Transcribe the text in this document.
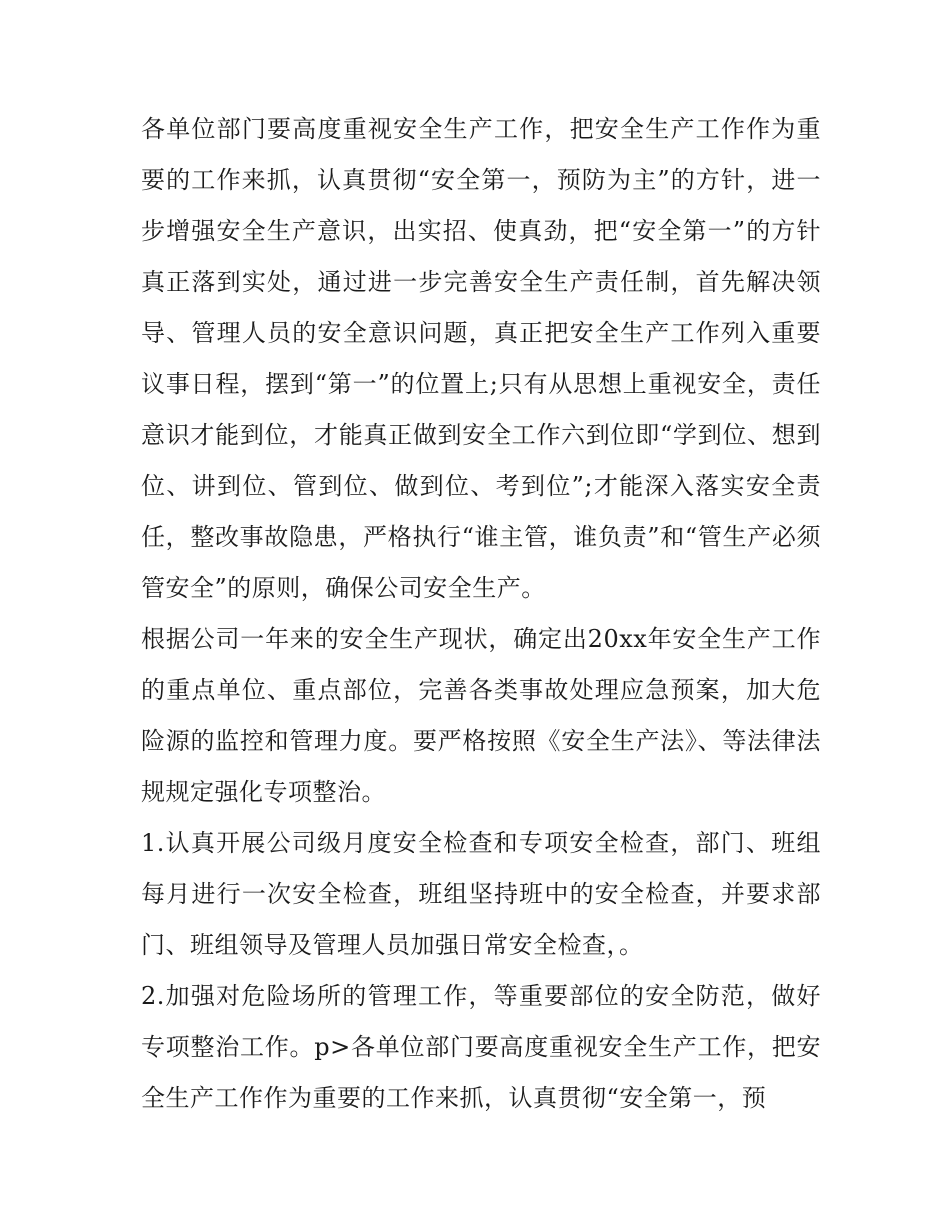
各单位部门要高度重视安全生产工作，把安全生产工作作为重要的工作来抓，认真贯彻“安全第一，预防为主”的方针，进一步增强安全生产意识，出实招、使真劲，把“安全第一”的方针真正落到实处，通过进一步完善安全生产责任制，首先解决领导、管理人员的安全意识问题，真正把安全生产工作列入重要议事日程，摆到“第一”的位置上;只有从思想上重视安全，责任意识才能到位，才能真正做到安全工作六到位即“学到位、想到位、讲到位、管到位、做到位、考到位”;才能深入落实安全责任，整改事故隐患，严格执行“谁主管，谁负责”和“管生产必须管安全”的原则，确保公司安全生产。

根据公司一年来的安全生产现状，确定出20xx年安全生产工作的重点单位、重点部位，完善各类事故处理应急预案，加大危险源的监控和管理力度。要严格按照《安全生产法》、等法律法规规定强化专项整治。

1.认真开展公司级月度安全检查和专项安全检查，部门、班组每月进行一次安全检查，班组坚持班中的安全检查，并要求部门、班组领导及管理人员加强日常安全检查，。

2.加强对危险场所的管理工作，等重要部位的安全防范，做好专项整治工作。p>各单位部门要高度重视安全生产工作，把安全生产工作作为重要的工作来抓，认真贯彻“安全第一，预
